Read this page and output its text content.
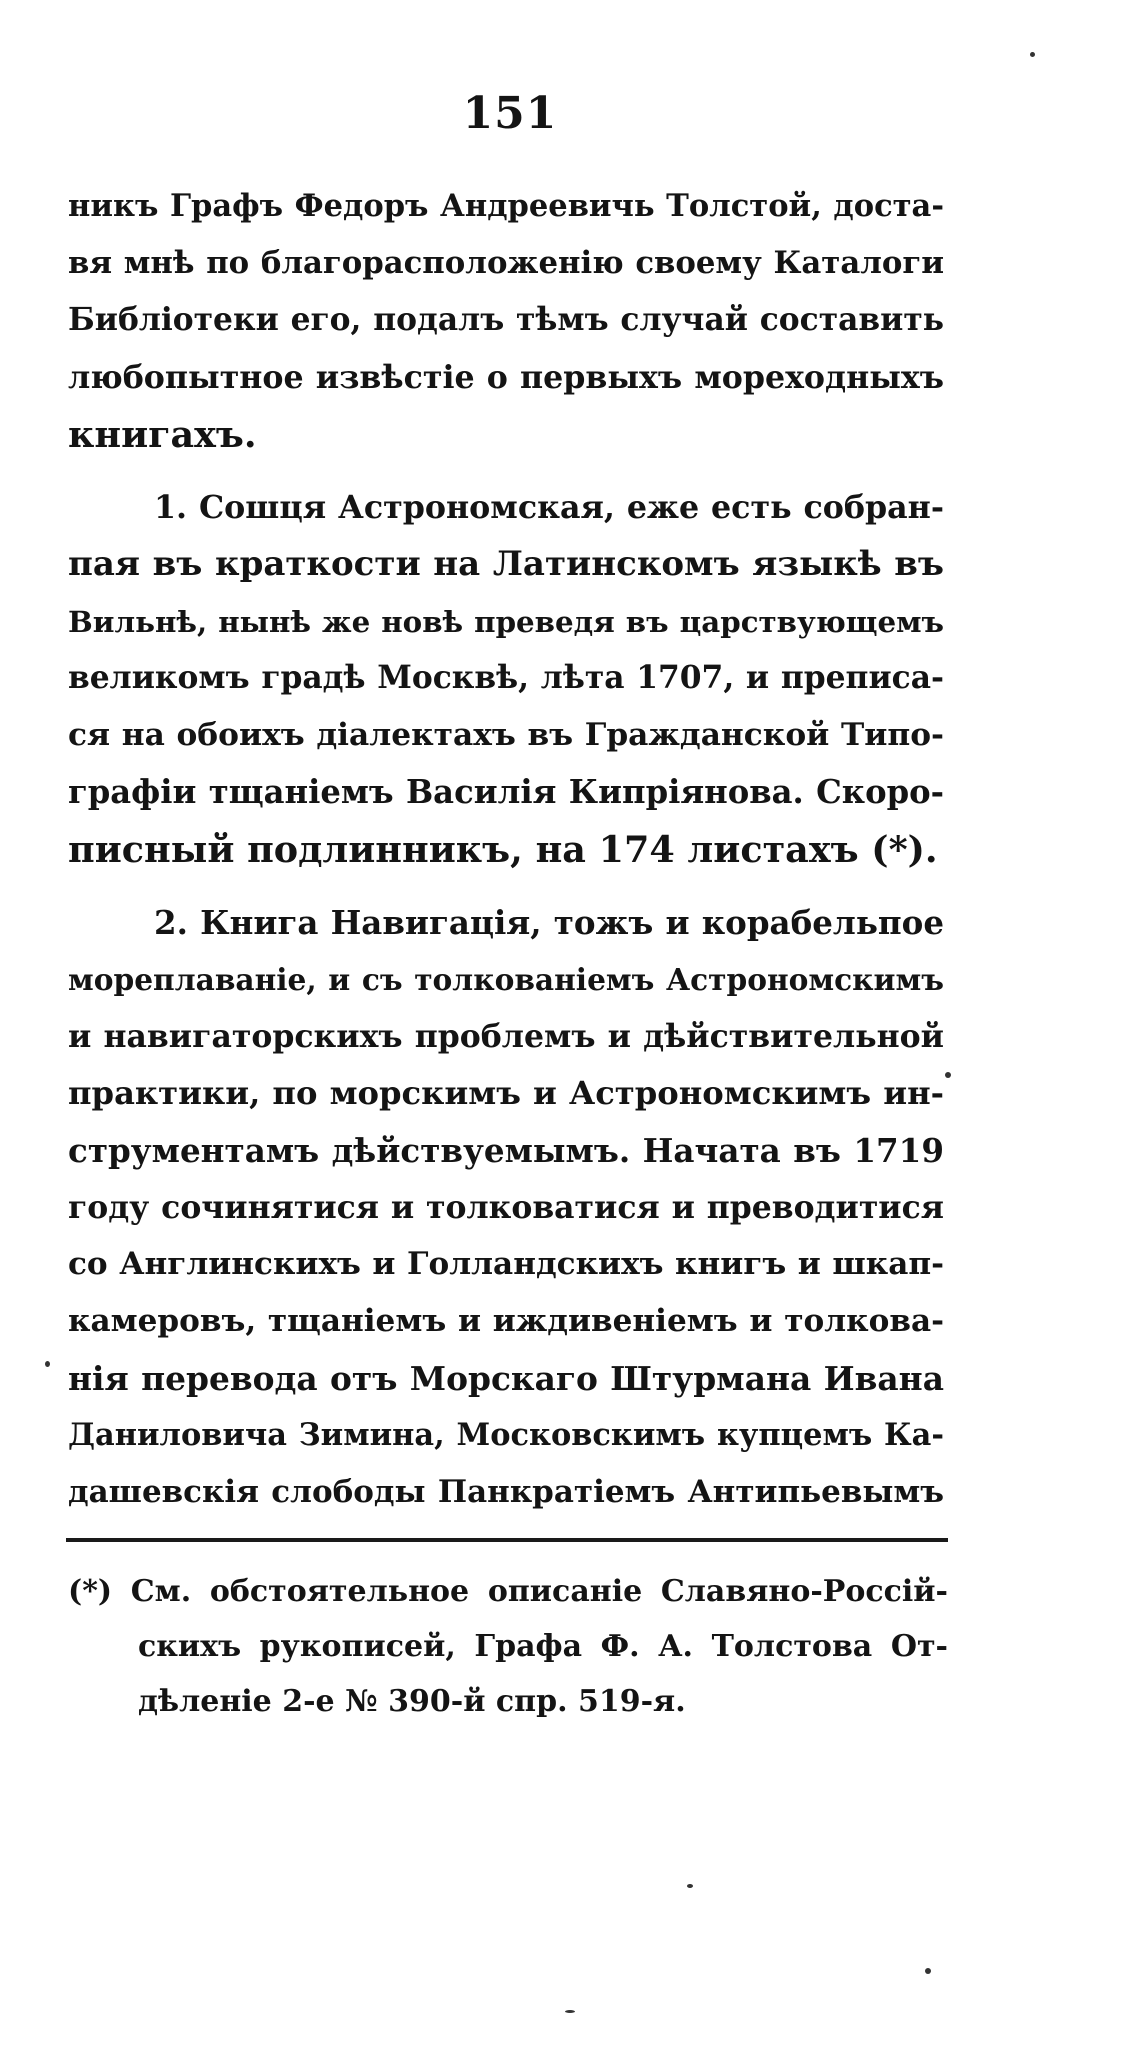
151
никъ Графъ Федоръ Андреевичь Толстой, достa-
вя мнѣ по благорасположенію своему Каталоги
Библіотеки его, подалъ тѣмъ случай составить
любопытное извѣстіе о первыхъ мореходныхъ
книгахъ.
1. Сошця Астрономская, еже есть собран-
пая въ краткости на Латинскомъ языкѣ въ
Вильнѣ, нынѣ же новѣ преведя въ царствующемъ
великомъ градѣ Москвѣ, лѣта 1707, и преписа-
ся на обоихъ діалектахъ въ Гражданской Типо-
графіи тщаніемъ Василія Кипріянова. Скоро-
писный подлинникъ, на 174 листахъ (*).
2. Книга Навигація, тожъ и корабельпое
мореплаваніе, и съ толкованіемъ Астрономскимъ
и навигаторскихъ проблемъ и дѣйствительной
практики, по морскимъ и Астрономскимъ ин-
струментамъ дѣйствуемымъ. Начата въ 1719
году сочинятися и толковатися и преводитися
со Англинскихъ и Голландскихъ книгъ и шкап-
камеровъ, тщаніемъ и иждивеніемъ и толкова-
нія перевода отъ Морскаго Штурмана Ивана
Даниловича Зимина, Московскимъ купцемъ Ка-
дашевскія слободы Панкратіемъ Антипьевымъ
(*) См. обстоятельное описаніе Славяно-Россій-
скихъ рукописей, Графа Ф. А. Толстова От-
дѣленіе 2-е № 390-й спр. 519-я.
